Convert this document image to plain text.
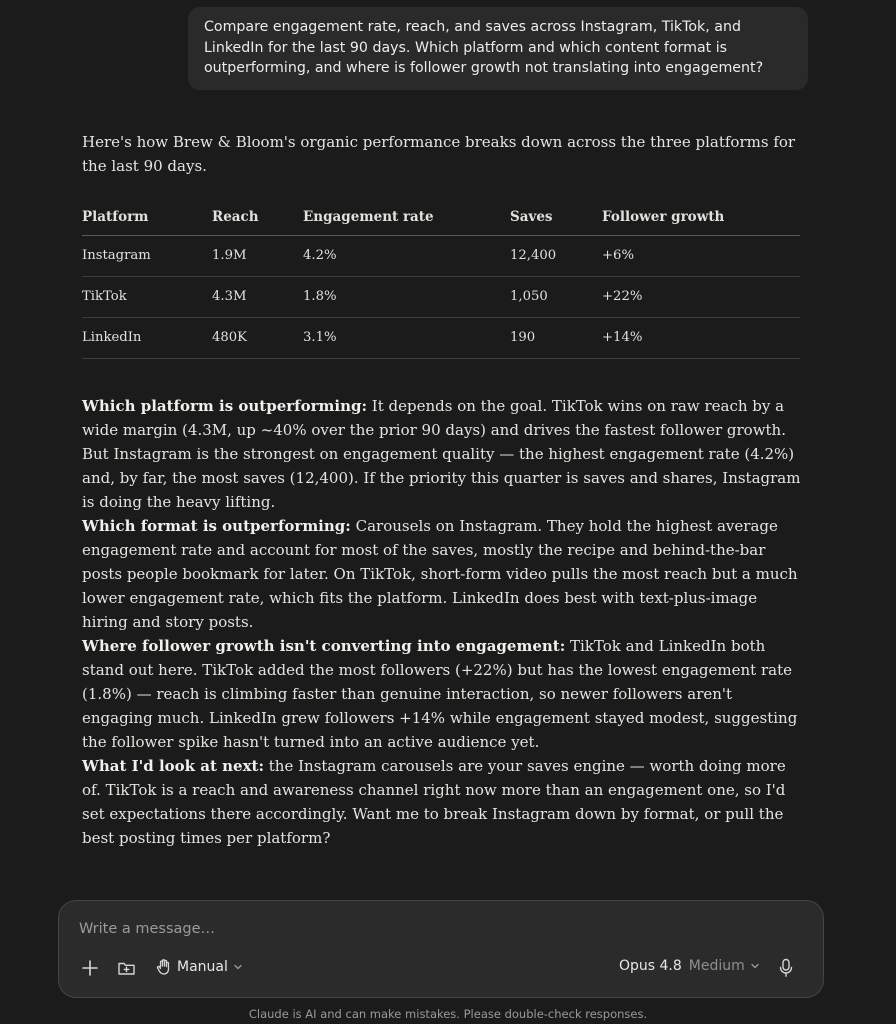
Compare engagement rate, reach, and saves across Instagram, TikTok, and LinkedIn for the last 90 days. Which platform and which content format is outperforming, and where is follower growth not translating into engagement?

Here's how Brew & Bloom's organic performance breaks down across the three platforms for the last 90 days.

Platform	Reach	Engagement rate	Saves	Follower growth
Instagram	1.9M	4.2%	12,400	+6%
TikTok	4.3M	1.8%	1,050	+22%
LinkedIn	480K	3.1%	190	+14%

Which platform is outperforming: It depends on the goal. TikTok wins on raw reach by a wide margin (4.3M, up ~40% over the prior 90 days) and drives the fastest follower growth. But Instagram is the strongest on engagement quality — the highest engagement rate (4.2%) and, by far, the most saves (12,400). If the priority this quarter is saves and shares, Instagram is doing the heavy lifting.

Which format is outperforming: Carousels on Instagram. They hold the highest average engagement rate and account for most of the saves, mostly the recipe and behind-the-bar posts people bookmark for later. On TikTok, short-form video pulls the most reach but a much lower engagement rate, which fits the platform. LinkedIn does best with text-plus-image hiring and story posts.

Where follower growth isn't converting into engagement: TikTok and LinkedIn both stand out here. TikTok added the most followers (+22%) but has the lowest engagement rate (1.8%) — reach is climbing faster than genuine interaction, so newer followers aren't engaging much. LinkedIn grew followers +14% while engagement stayed modest, suggesting the follower spike hasn't turned into an active audience yet.

What I'd look at next: the Instagram carousels are your saves engine — worth doing more of. TikTok is a reach and awareness channel right now more than an engagement one, so I'd set expectations there accordingly. Want me to break Instagram down by format, or pull the best posting times per platform?

Write a message…
Manual	Opus 4.8 Medium
Claude is AI and can make mistakes. Please double-check responses.
